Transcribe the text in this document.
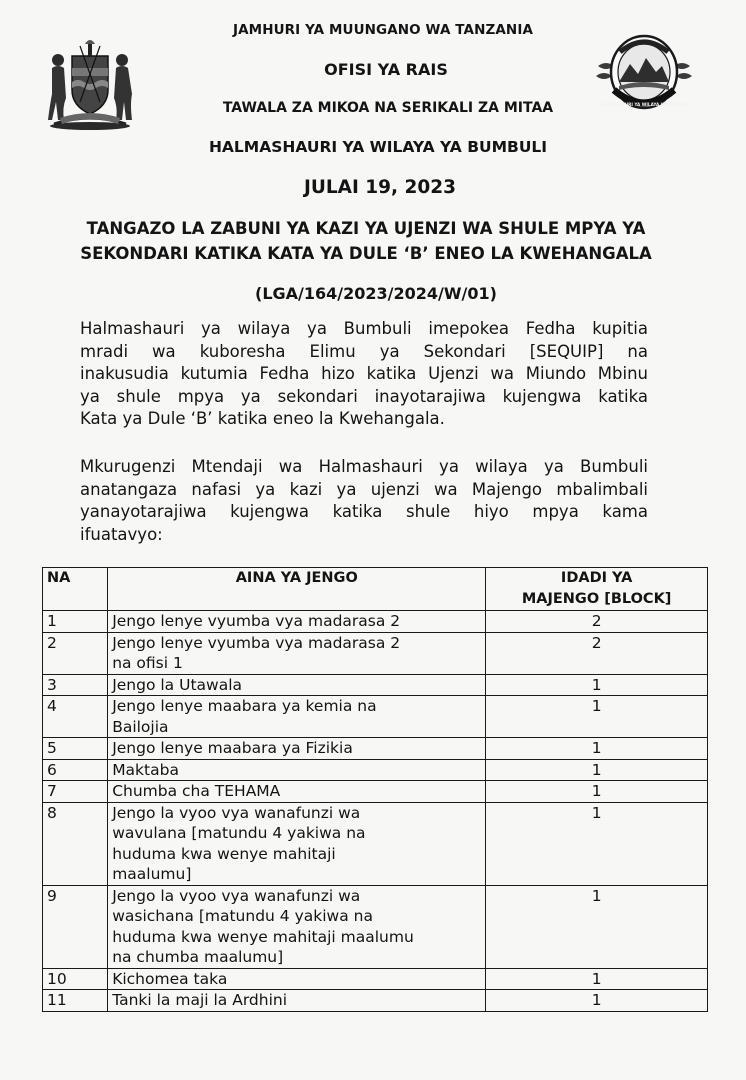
HALMASHAURI YA WILAYA YA BUMBULI
JAMHURI YA MUUNGANO WA TANZANIA
OFISI YA RAIS
TAWALA ZA MIKOA NA SERIKALI ZA MITAA
HALMASHAURI YA WILAYA YA BUMBULI
JULAI 19, 2023
TANGAZO LA ZABUNI YA KAZI YA UJENZI WA SHULE MPYA YA
SEKONDARI KATIKA KATA YA DULE ‘B’ ENEO LA KWEHANGALA
(LGA/164/2023/2024/W/01)
Halmashauri ya wilaya ya Bumbuli imepokea Fedha kupitia
mradi wa kuboresha Elimu ya Sekondari [SEQUIP] na
inakusudia kutumia Fedha hizo katika Ujenzi wa Miundo Mbinu
ya shule mpya ya sekondari inayotarajiwa kujengwa katika
Kata ya Dule ‘B’ katika eneo la Kwehangala.
Mkurugenzi Mtendaji wa Halmashauri ya wilaya ya Bumbuli
anatangaza nafasi ya kazi ya ujenzi wa Majengo mbalimbali
yanayotarajiwa kujengwa katika shule hiyo mpya kama
ifuatavyo:
NA	AINA YA JENGO	IDADI YA
MAJENGO [BLOCK]

1	Jengo lenye vyumba vya madarasa 2	2
2	Jengo lenye vyumba vya madarasa 2
na ofisi 1	2
3	Jengo la Utawala	1
4	Jengo lenye maabara ya kemia na
Bailojia	1
5	Jengo lenye maabara ya Fizikia	1
6	Maktaba	1
7	Chumba cha TEHAMA	1
8	Jengo la vyoo vya wanafunzi wa
wavulana [matundu 4 yakiwa na
huduma kwa wenye mahitaji
maalumu]	1
9	Jengo la vyoo vya wanafunzi wa
wasichana [matundu 4 yakiwa na
huduma kwa wenye mahitaji maalumu
na chumba maalumu]	1
10	Kichomea taka	1
11	Tanki la maji la Ardhini	1
